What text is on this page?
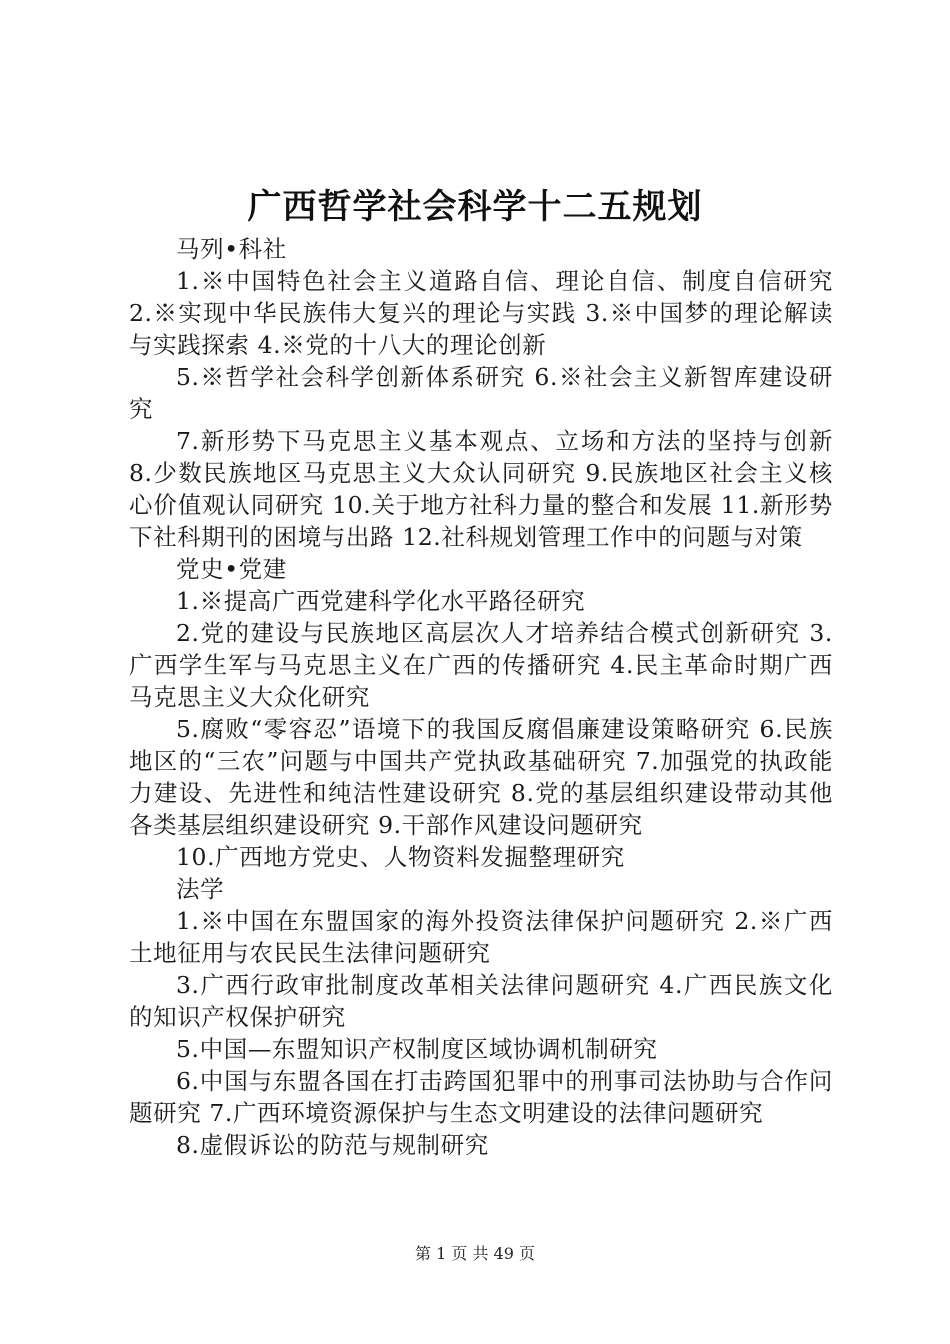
广西哲学社会科学十二五规划

马列•科社

1.※中国特色社会主义道路自信、理论自信、制度自信研究 2.※实现中华民族伟大复兴的理论与实践 3.※中国梦的理论解读与实践探索 4.※党的十八大的理论创新

5.※哲学社会科学创新体系研究 6.※社会主义新智库建设研究

7.新形势下马克思主义基本观点、立场和方法的坚持与创新 8.少数民族地区马克思主义大众认同研究 9.民族地区社会主义核心价值观认同研究 10.关于地方社科力量的整合和发展 11.新形势下社科期刊的困境与出路 12.社科规划管理工作中的问题与对策

党史•党建

1.※提高广西党建科学化水平路径研究

2.党的建设与民族地区高层次人才培养结合模式创新研究 3.广西学生军与马克思主义在广西的传播研究 4.民主革命时期广西马克思主义大众化研究

5.腐败“零容忍”语境下的我国反腐倡廉建设策略研究 6.民族地区的“三农”问题与中国共产党执政基础研究 7.加强党的执政能力建设、先进性和纯洁性建设研究 8.党的基层组织建设带动其他各类基层组织建设研究 9.干部作风建设问题研究

10.广西地方党史、人物资料发掘整理研究

法学

1.※中国在东盟国家的海外投资法律保护问题研究 2.※广西土地征用与农民民生法律问题研究

3.广西行政审批制度改革相关法律问题研究 4.广西民族文化的知识产权保护研究

5.中国—东盟知识产权制度区域协调机制研究

6.中国与东盟各国在打击跨国犯罪中的刑事司法协助与合作问题研究 7.广西环境资源保护与生态文明建设的法律问题研究

8.虚假诉讼的防范与规制研究

第 1 页 共 49 页
